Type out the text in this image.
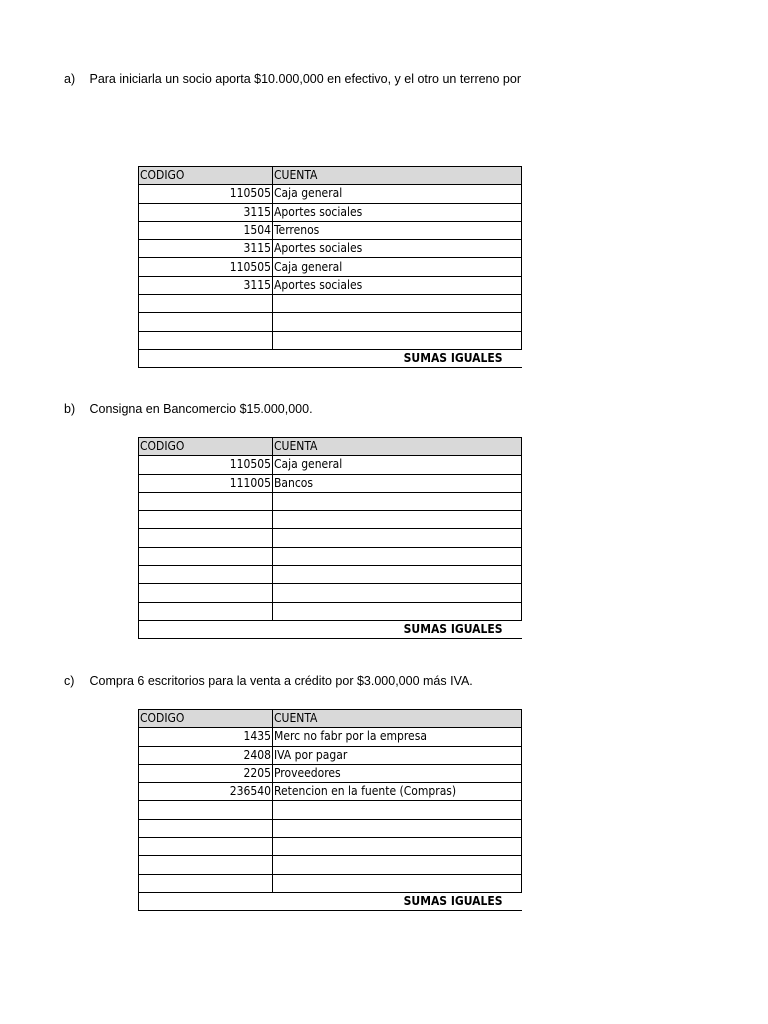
a) Para iniciarla un socio aporta $10.000,000 en efectivo, y el otro un terreno por
CODIGO	CUENTA
110505	Caja general
3115	Aportes sociales
1504	Terrenos
3115	Aportes sociales
110505	Caja general
3115	Aportes sociales

SUMAS IGUALES	
b) Consigna en Bancomercio $15.000,000.
CODIGO	CUENTA
110505	Caja general
111005	Bancos

SUMAS IGUALES	
c) Compra 6 escritorios para la venta a crédito por $3.000,000 más IVA.
CODIGO	CUENTA
1435	Merc no fabr por la empresa
2408	IVA por pagar
2205	Proveedores
236540	Retencion en la fuente (Compras)

SUMAS IGUALES	
